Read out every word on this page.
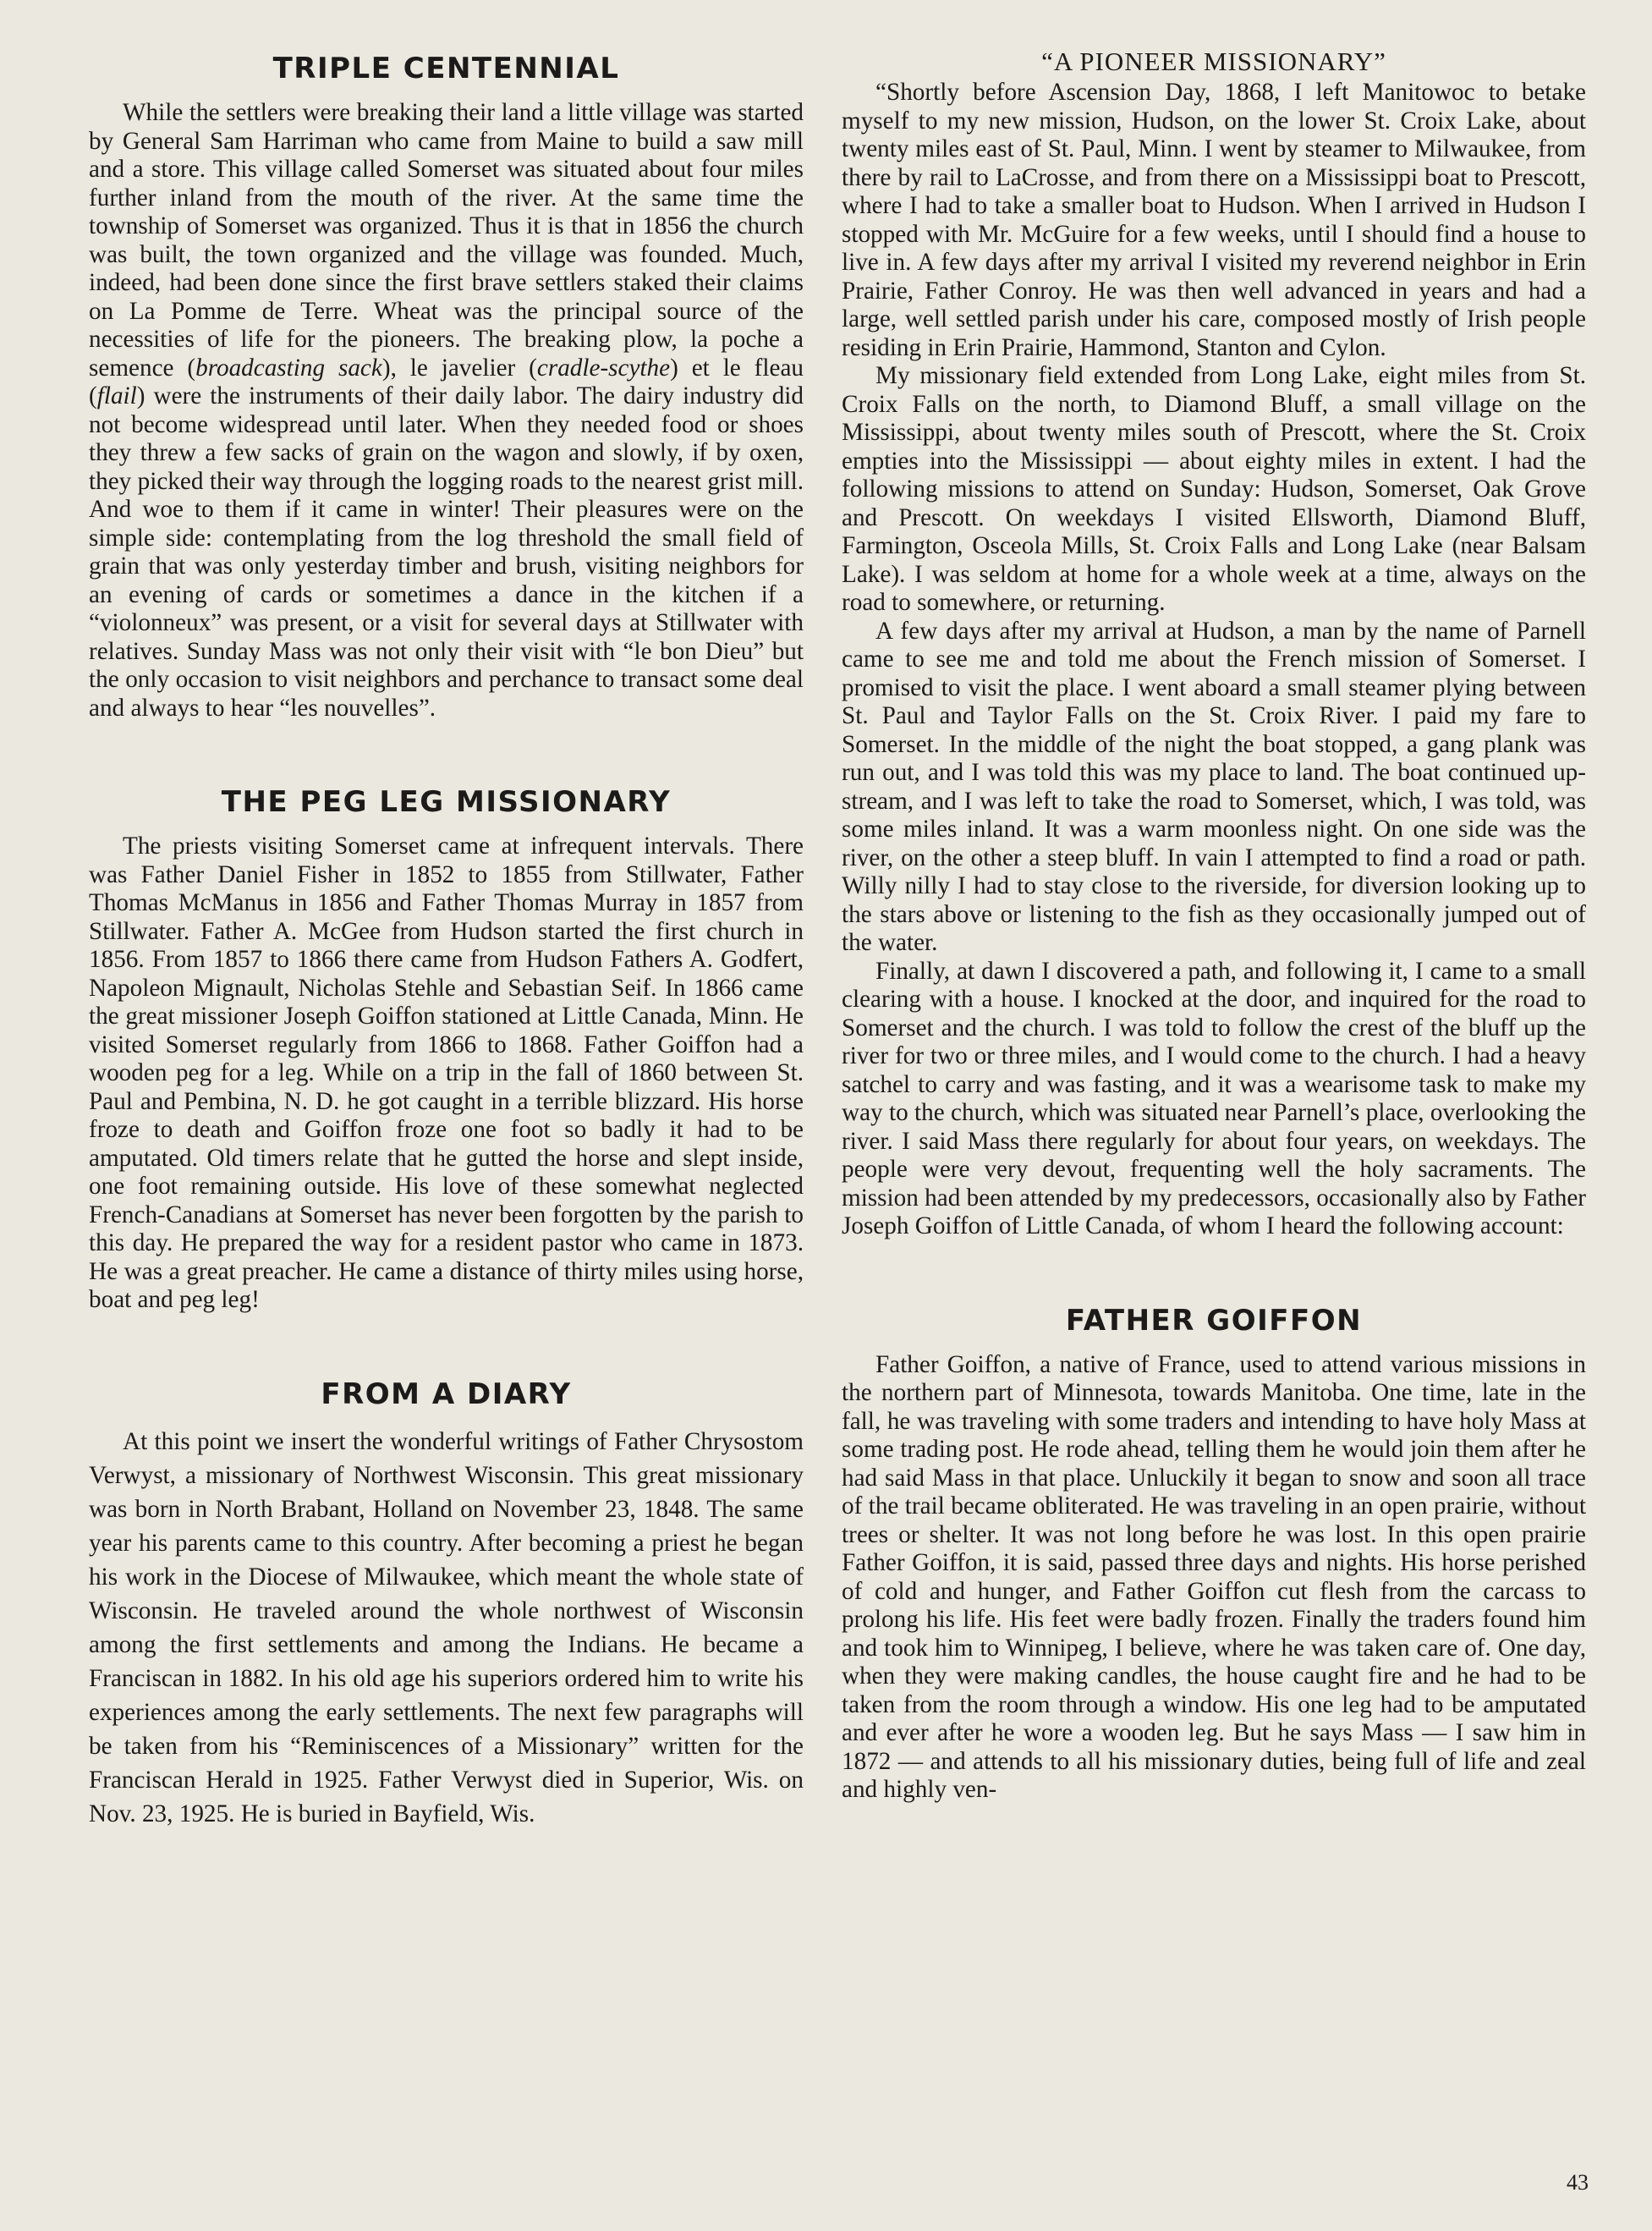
TRIPLE CENTENNIAL

While the settlers were breaking their land a little village was started by General Sam Harriman who came from Maine to build a saw mill and a store. This village called Somerset was situated about four miles further inland from the mouth of the river. At the same time the township of Somerset was organized. Thus it is that in 1856 the church was built, the town organized and the village was founded. Much, indeed, had been done since the first brave settlers staked their claims on La Pomme de Terre. Wheat was the principal source of the necessities of life for the pioneers. The breaking plow, la poche a semence (broadcasting sack), le javelier (cradle-scythe) et le fleau (flail) were the instruments of their daily labor. The dairy industry did not become widespread until later. When they needed food or shoes they threw a few sacks of grain on the wagon and slowly, if by oxen, they picked their way through the logging roads to the nearest grist mill. And woe to them if it came in winter! Their pleasures were on the simple side: contemplating from the log threshold the small field of grain that was only yesterday timber and brush, visiting neighbors for an evening of cards or sometimes a dance in the kitchen if a “violonneux” was present, or a visit for several days at Stillwater with relatives. Sunday Mass was not only their visit with “le bon Dieu” but the only occasion to visit neighbors and perchance to transact some deal and always to hear “les nouvelles”.

THE PEG LEG MISSIONARY

The priests visiting Somerset came at infrequent intervals. There was Father Daniel Fisher in 1852 to 1855 from Stillwater, Father Thomas McManus in 1856 and Father Thomas Murray in 1857 from Stillwater. Father A. McGee from Hudson started the first church in 1856. From 1857 to 1866 there came from Hudson Fathers A. Godfert, Napoleon Mignault, Nicholas Stehle and Sebastian Seif. In 1866 came the great missioner Joseph Goiffon stationed at Little Canada, Minn. He visited Somerset regularly from 1866 to 1868. Father Goiffon had a wooden peg for a leg. While on a trip in the fall of 1860 between St. Paul and Pembina, N. D. he got caught in a terrible blizzard. His horse froze to death and Goiffon froze one foot so badly it had to be amputated. Old timers relate that he gutted the horse and slept inside, one foot remaining outside. His love of these somewhat neglected French-Canadians at Somerset has never been forgotten by the parish to this day. He prepared the way for a resident pastor who came in 1873. He was a great preacher. He came a distance of thirty miles using horse, boat and peg leg!

FROM A DIARY

At this point we insert the wonderful writings of Father Chrysostom Verwyst, a missionary of Northwest Wisconsin. This great missionary was born in North Brabant, Holland on November 23, 1848. The same year his parents came to this country. After becoming a priest he began his work in the Diocese of Milwaukee, which meant the whole state of Wisconsin. He traveled around the whole northwest of Wisconsin among the first settlements and among the Indians. He became a Franciscan in 1882. In his old age his superiors ordered him to write his experiences among the early settlements. The next few paragraphs will be taken from his “Reminiscences of a Missionary” written for the Franciscan Herald in 1925. Father Verwyst died in Superior, Wis. on Nov. 23, 1925. He is buried in Bayfield, Wis.

“A PIONEER MISSIONARY”

“Shortly before Ascension Day, 1868, I left Manitowoc to betake myself to my new mission, Hudson, on the lower St. Croix Lake, about twenty miles east of St. Paul, Minn. I went by steamer to Milwaukee, from there by rail to LaCrosse, and from there on a Mississippi boat to Prescott, where I had to take a smaller boat to Hudson. When I arrived in Hudson I stopped with Mr. McGuire for a few weeks, until I should find a house to live in. A few days after my arrival I visited my reverend neighbor in Erin Prairie, Father Conroy. He was then well advanced in years and had a large, well settled parish under his care, composed mostly of Irish people residing in Erin Prairie, Hammond, Stanton and Cylon.

My missionary field extended from Long Lake, eight miles from St. Croix Falls on the north, to Diamond Bluff, a small village on the Mississippi, about twenty miles south of Prescott, where the St. Croix empties into the Mississippi — about eighty miles in extent. I had the following missions to attend on Sunday: Hudson, Somerset, Oak Grove and Prescott. On weekdays I visited Ellsworth, Diamond Bluff, Farmington, Osceola Mills, St. Croix Falls and Long Lake (near Balsam Lake). I was seldom at home for a whole week at a time, always on the road to somewhere, or returning.

A few days after my arrival at Hudson, a man by the name of Parnell came to see me and told me about the French mission of Somerset. I promised to visit the place. I went aboard a small steamer plying between St. Paul and Taylor Falls on the St. Croix River. I paid my fare to Somerset. In the middle of the night the boat stopped, a gang plank was run out, and I was told this was my place to land. The boat continued up-stream, and I was left to take the road to Somerset, which, I was told, was some miles inland. It was a warm moonless night. On one side was the river, on the other a steep bluff. In vain I attempted to find a road or path. Willy nilly I had to stay close to the riverside, for diversion looking up to the stars above or listening to the fish as they occasionally jumped out of the water.

Finally, at dawn I discovered a path, and following it, I came to a small clearing with a house. I knocked at the door, and inquired for the road to Somerset and the church. I was told to follow the crest of the bluff up the river for two or three miles, and I would come to the church. I had a heavy satchel to carry and was fasting, and it was a wearisome task to make my way to the church, which was situated near Parnell’s place, overlooking the river. I said Mass there regularly for about four years, on weekdays. The people were very devout, frequenting well the holy sacraments. The mission had been attended by my predecessors, occasionally also by Father Joseph Goiffon of Little Canada, of whom I heard the following account:

FATHER GOIFFON

Father Goiffon, a native of France, used to attend various missions in the northern part of Minnesota, towards Manitoba. One time, late in the fall, he was traveling with some traders and intending to have holy Mass at some trading post. He rode ahead, telling them he would join them after he had said Mass in that place. Unluckily it began to snow and soon all trace of the trail became obliterated. He was traveling in an open prairie, without trees or shelter. It was not long before he was lost. In this open prairie Father Goiffon, it is said, passed three days and nights. His horse perished of cold and hunger, and Father Goiffon cut flesh from the carcass to prolong his life. His feet were badly frozen. Finally the traders found him and took him to Winnipeg, I believe, where he was taken care of. One day, when they were making candles, the house caught fire and he had to be taken from the room through a window. His one leg had to be amputated and ever after he wore a wooden leg. But he says Mass — I saw him in 1872 — and attends to all his missionary duties, being full of life and zeal and highly ven-

43
